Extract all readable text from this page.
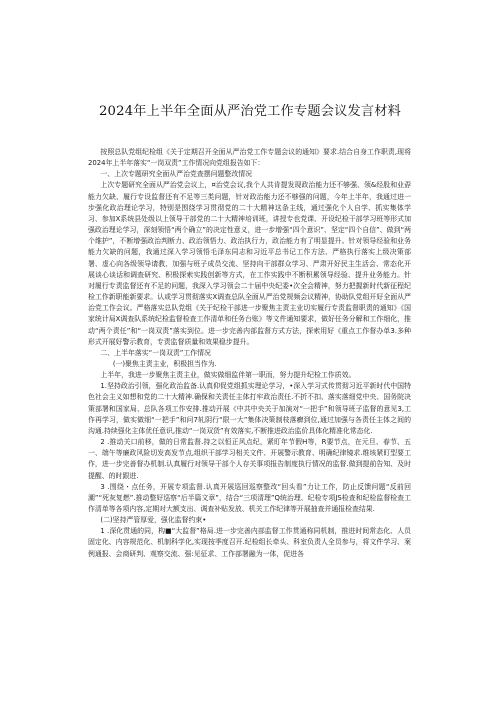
2024年上半年全面从严治党工作专题会议发言材料

按照总队党组纪检组《关于定期召开全面从严治党工作专题会议的通知》要求.结合自身工作职责,现将2024年上半年落实“一岗双责”工作情况向党组报告如下：

一、上次专题研究全面从严治党查摆问题整改情况

上次专题研究全面从严治党会议上，¤治党会议,我个人共肯提发现政治能力还不够强、领&经股和业孬能力欠缺、履行专设监督还有不足等三类问题，针对政治能力还不够强的问题，今年上半年，我通过进一步强化政治理论学习，特别是围绕学习贯彻党的二十大精神这条主线，通过强化个人自学、抓实集体学习、参加X系统县处级以上领导干部党的二十大精神培训班，讲授专也党课、开设纪检干部学习班等形式加强政治理论学习，深刻领悟“两个确立”的决定性意义，进一步增强“四个意识”、坚定“四个自信”、做到“两个维护”，不断增强政治判断力、政治领悟力、政治执行力，政治能力有了明显提升。针对领导经验和业务能力欠缺的问题，我通过深入学习领悟毛泽东同志和习近平总书记工作方法、严格执行落实上级决策部署、虚心向各级领导请教、加强与班子成员交流、坚持向干部群众学习、严肃开好民主生活会、常态化开展谈心谈话和调查研究、积极探索实践创新等方式，在工作实践中不断积累领导经验、提升业务能力。针对履行专责监督还有不足的问题，我深入学习领会二十届中央纪委•次全会精神，努力把握新时代新征程纪检工作新职能新要求。认或学习贯彻落实X调查总队全面从严治党规频会议精神，协助队党组开好全面从严治党工作会议。严格落实总队党组《关于纪检干部进一步聚焦主责主业切实履行专责监督职责的通知》《国家统计局X调查队系统纪检监督检查工作清单和任务台账》等文件通知要求，做好任务分解和工作细化，推动“两个责任”和“一岗双责”落实到位。进一步完善内部监督方式方法，探索用好《重点工作督办单3.多种形式开展好警示教育，专责监督质量和效果稳步提升。

二、上半年落实“一岗双责”工作情况

(一)聚焦主责主业，积极担当作为.

上半年，我进一步聚焦主责主业，做实做细监伴第一职而，努力提升纪检工作质效。

1.坚持政治引领，强化政治监备.认真仰促党组抓实理论学习，•深入学习式传贯彻习近平新时代中国特色社会主义如想和党的二十大精神.确保和关责任主体打牢政治责任.不折不扣、落实落细党中央、国务院决策部署和国家局、总队各项工作安排.推动开展《中共中央关于加演对“一把手”和领导班子监督的意见3,工作再学习，做实做细“一把手”和问7轧阴行“限一大”集体决策制枝落癣到位,通过加强与各责任主体之间的沟通.持续强化主体优任意识,推动“一岗双货”有效落实,不断推进政治监价具体化精准化常态化.

2 .推动关口前移，做的日常监督.持之以恒正风点纪，紧盯年节假H等，R要节点，在元旦、春节、五一、端午等廉政风险切发高发节点,组织干部学习相关文件、开展警示教育、明确纪律镜求.维垓紧盯型要工作，进一步完善督办机制.认真履行对领导干部个人存关事项报告制度执行情况的监督.做到提前告知、及时提醒、的时跟进.

3 .围绕・点任务，开展专项监督.认真开展巡回巡察整改“回头看”力让工作，防止反馈问题“反前回潮”“死灰复燃”.推动整好巡察“后半篇文章”，结合“三项清理”Q统治理、纪检专项JS检查和纪检监督检查工作清单等各项内容,定期对大额支出、调查补贴发放、机关工作纪律等开展抽查并通报检查结果.

(二)坚持严管厚爱，强化监督约束•

1 .深化贯通的同，构■“大监督”格局.进一步完善内部监督工作贯通称同机制，推进时间常态化、人员固定化、内容规范化、机制科学化,实现按季度召开.纪检组长牵头、科室负责人全员参与，将文件学习、案例通报、会商研判、观察交流、强:见征求、工作部署融为一体，促进各
